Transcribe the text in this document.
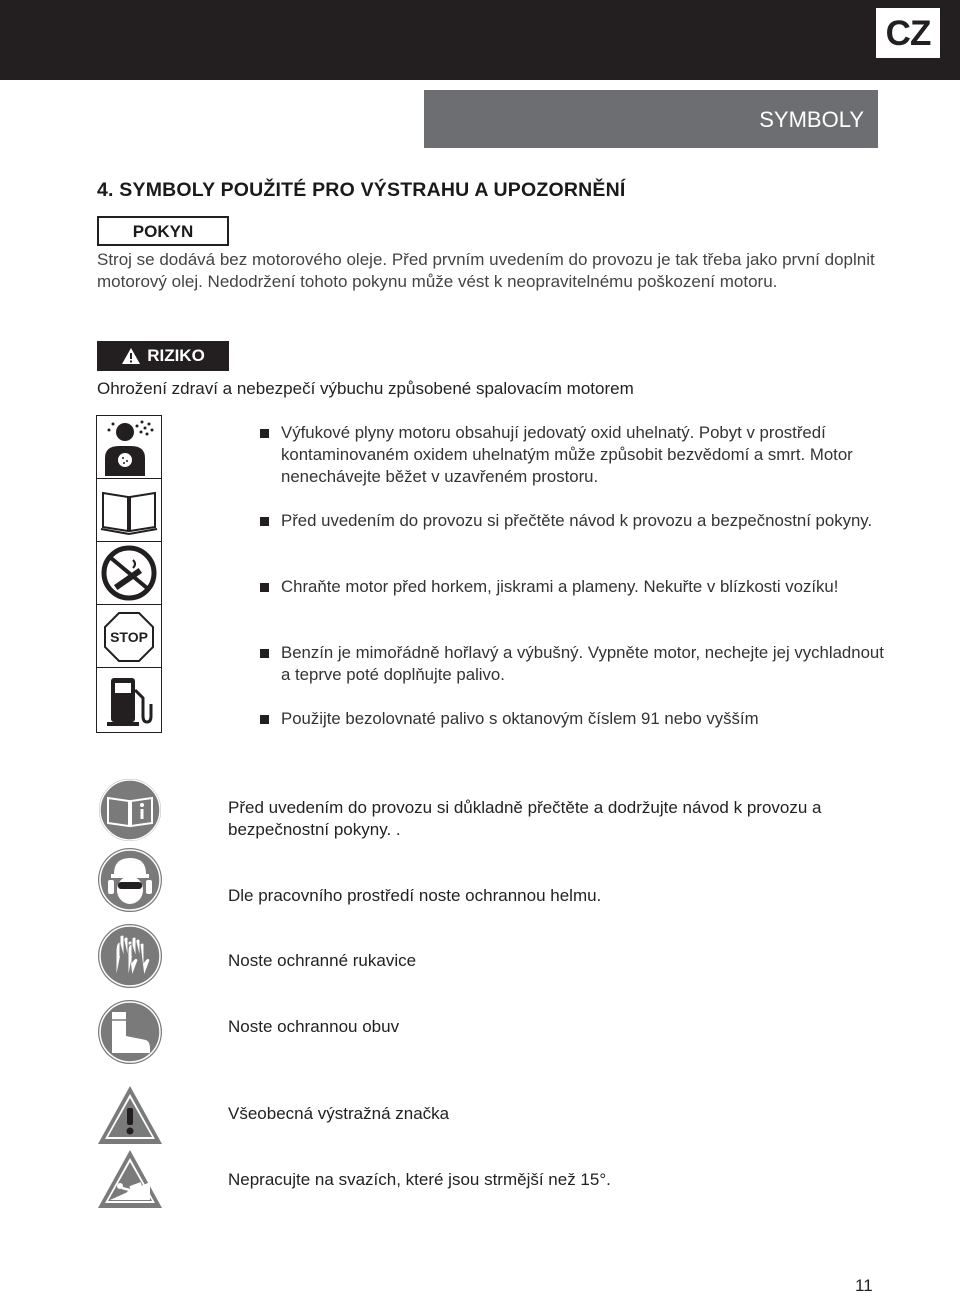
CZ
SYMBOLY
4. SYMBOLY POUŽITÉ PRO VÝSTRAHU A UPOZORNĚNÍ
POKYN
Stroj se dodává bez motorového oleje. Před prvním uvedením do provozu je tak třeba jako první doplnit motorový olej. Nedodržení tohoto pokynu může vést k neopravitelnému poškození motoru.
RIZIKO
Ohrožení zdraví a nebezpečí výbuchu způsobené spalovacím motorem
STOP
Výfukové plyny motoru obsahují jedovatý oxid uhelnatý. Pobyt v prostředí kontaminovaném oxidem uhelnatým může způsobit bezvědomí a smrt. Motor nenechávejte běžet v uzavřeném prostoru.
Před uvedením do provozu si přečtěte návod k provozu a bezpečnostní pokyny.
Chraňte motor před horkem, jiskrami a plameny. Nekuřte v blízkosti vozíku!
Benzín je mimořádně hořlavý a výbušný. Vypněte motor, nechejte jej vychladnout a teprve poté doplňujte palivo.
Použijte bezolovnaté palivo s oktanovým číslem 91 nebo vyšším
Před uvedením do provozu si důkladně přečtěte a dodržujte návod k provozu a bezpečnostní pokyny. .
Dle pracovního prostředí noste ochrannou helmu.
Noste ochranné rukavice
Noste ochrannou obuv
Všeobecná výstražná značka
Nepracujte na svazích, které jsou strmější než 15°.
11
